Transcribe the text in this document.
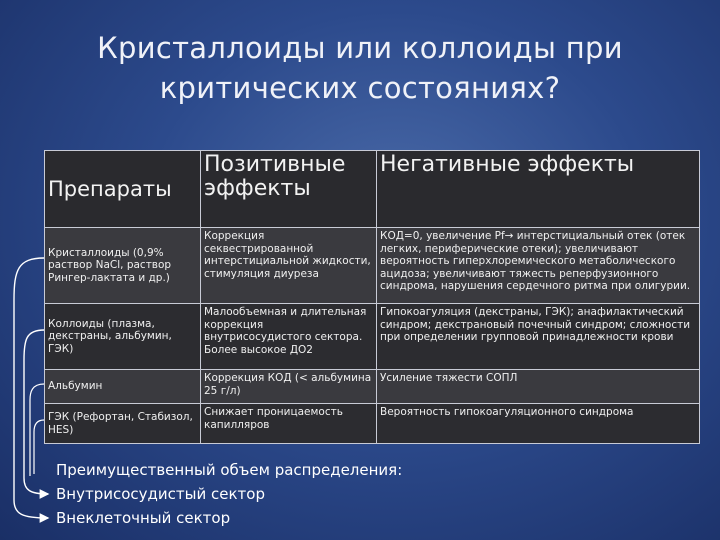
Кристаллоиды или коллоиды при
критических состояниях?
Препараты	Позитивные эффекты	Негативные эффекты
Кристаллоиды (0,9% раствор NaCl, раствор Рингер-лактата и др.)	Коррекция секвестрированной интерстициальной жидкости, стимуляция диуреза	КОД=0, увеличение Pf→ интерстициальный отек (отек легких, периферические отеки); увеличивают вероятность гиперхлоремического метаболического ацидоза; увеличивают тяжесть реперфузионного синдрома, нарушения сердечного ритма при олигурии.
Коллоиды (плазма, декстраны, альбумин, ГЭК)	Малообъемная и длительная коррекция внутрисосудистого сектора. Более высокое ДО2	Гипокоагуляция (декстраны, ГЭК); анафилактический синдром; декстрановый почечный синдром; сложности при определении групповой принадлежности крови
Альбумин	Коррекция КОД (< альбумина 25 г/л)	Усиление тяжести СОПЛ
ГЭК (Рефортан, Стабизол, HES)	Снижает проницаемость капилляров	Вероятность гипокоагуляционного синдрома
Преимущественный объем распределения:
Внутрисосудистый сектор
Внеклеточный сектор
